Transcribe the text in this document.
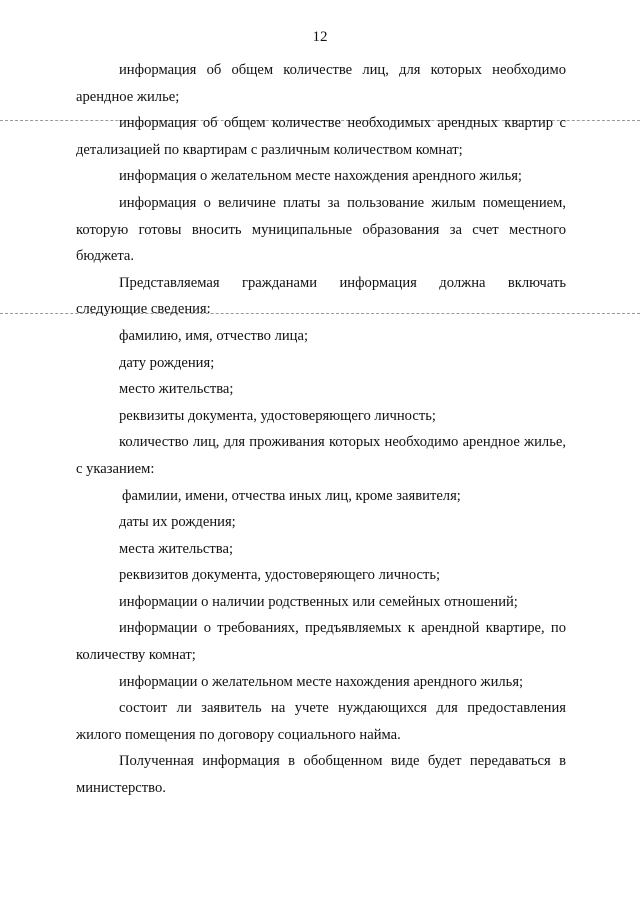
12

информация об общем количестве лиц, для которых необходимо арендное жилье;

информация об общем количестве необходимых арендных квартир с детализацией по квартирам с различным количеством комнат;

информация о желательном месте нахождения арендного жилья;

информация о величине платы за пользование жилым помещением, которую готовы вносить муниципальные образования за счет местного бюджета.

Представляемая гражданами информация должна включать

следующие сведения:

фамилию, имя, отчество лица;

дату рождения;

место жительства;

реквизиты документа, удостоверяющего личность;

количество лиц, для проживания которых необходимо арендное жилье, с указанием:

фамилии, имени, отчества иных лиц, кроме заявителя;

даты их рождения;

места жительства;

реквизитов документа, удостоверяющего личность;

информации о наличии родственных или семейных отношений;

информации о требованиях, предъявляемых к арендной квартире, по количеству комнат;

информации о желательном месте нахождения арендного жилья;

состоит ли заявитель на учете нуждающихся для предоставления жилого помещения по договору социального найма.

Полученная информация в обобщенном виде будет передаваться в министерство.
